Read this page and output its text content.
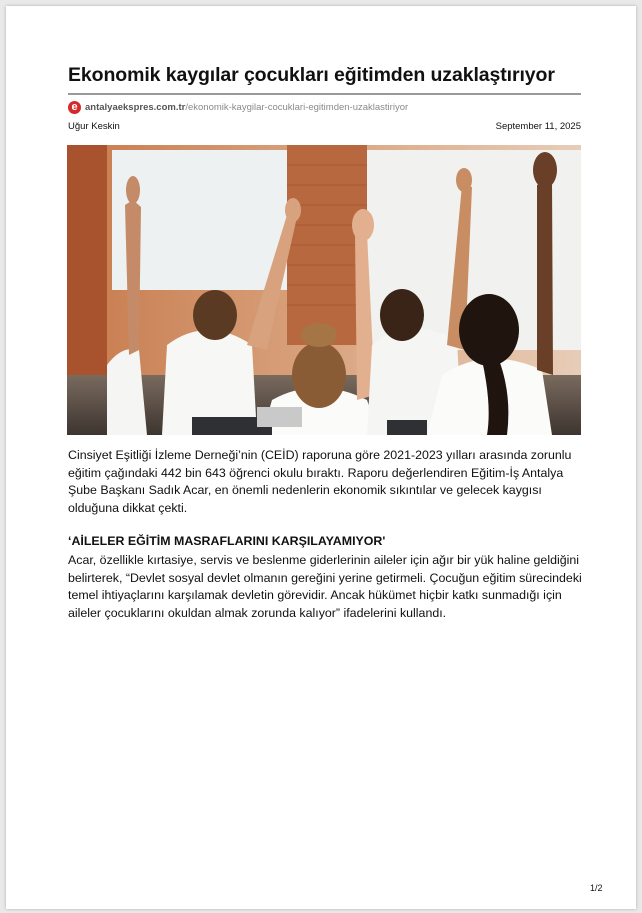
Ekonomik kaygılar çocukları eğitimden uzaklaştırıyor
e antalyaekspres.com.tr /ekonomik-kaygilar-cocuklari-egitimden-uzaklastiriyor
Uğur Keskin	September 11, 2025

Cinsiyet Eşitliği İzleme Derneği’nin (CEİD) raporuna göre 2021-2023 yılları arasında zorunlu eğitim çağındaki 442 bin 643 öğrenci okulu bıraktı. Raporu değerlendiren Eğitim-İş Antalya Şube Başkanı Sadık Acar, en önemli nedenlerin ekonomik sıkıntılar ve gelecek kaygısı olduğuna dikkat çekti.

‘AİLELER EĞİTİM MASRAFLARINI KARŞILAYAMIYOR'

Acar, özellikle kırtasiye, servis ve beslenme giderlerinin aileler için ağır bir yük haline geldiğini belirterek, “Devlet sosyal devlet olmanın gereğini yerine getirmeli. Çocuğun eğitim sürecindeki temel ihtiyaçlarını karşılamak devletin görevidir. Ancak hükümet hiçbir katkı sunmadığı için aileler çocuklarını okuldan almak zorunda kalıyor” ifadelerini kullandı.

1/2
